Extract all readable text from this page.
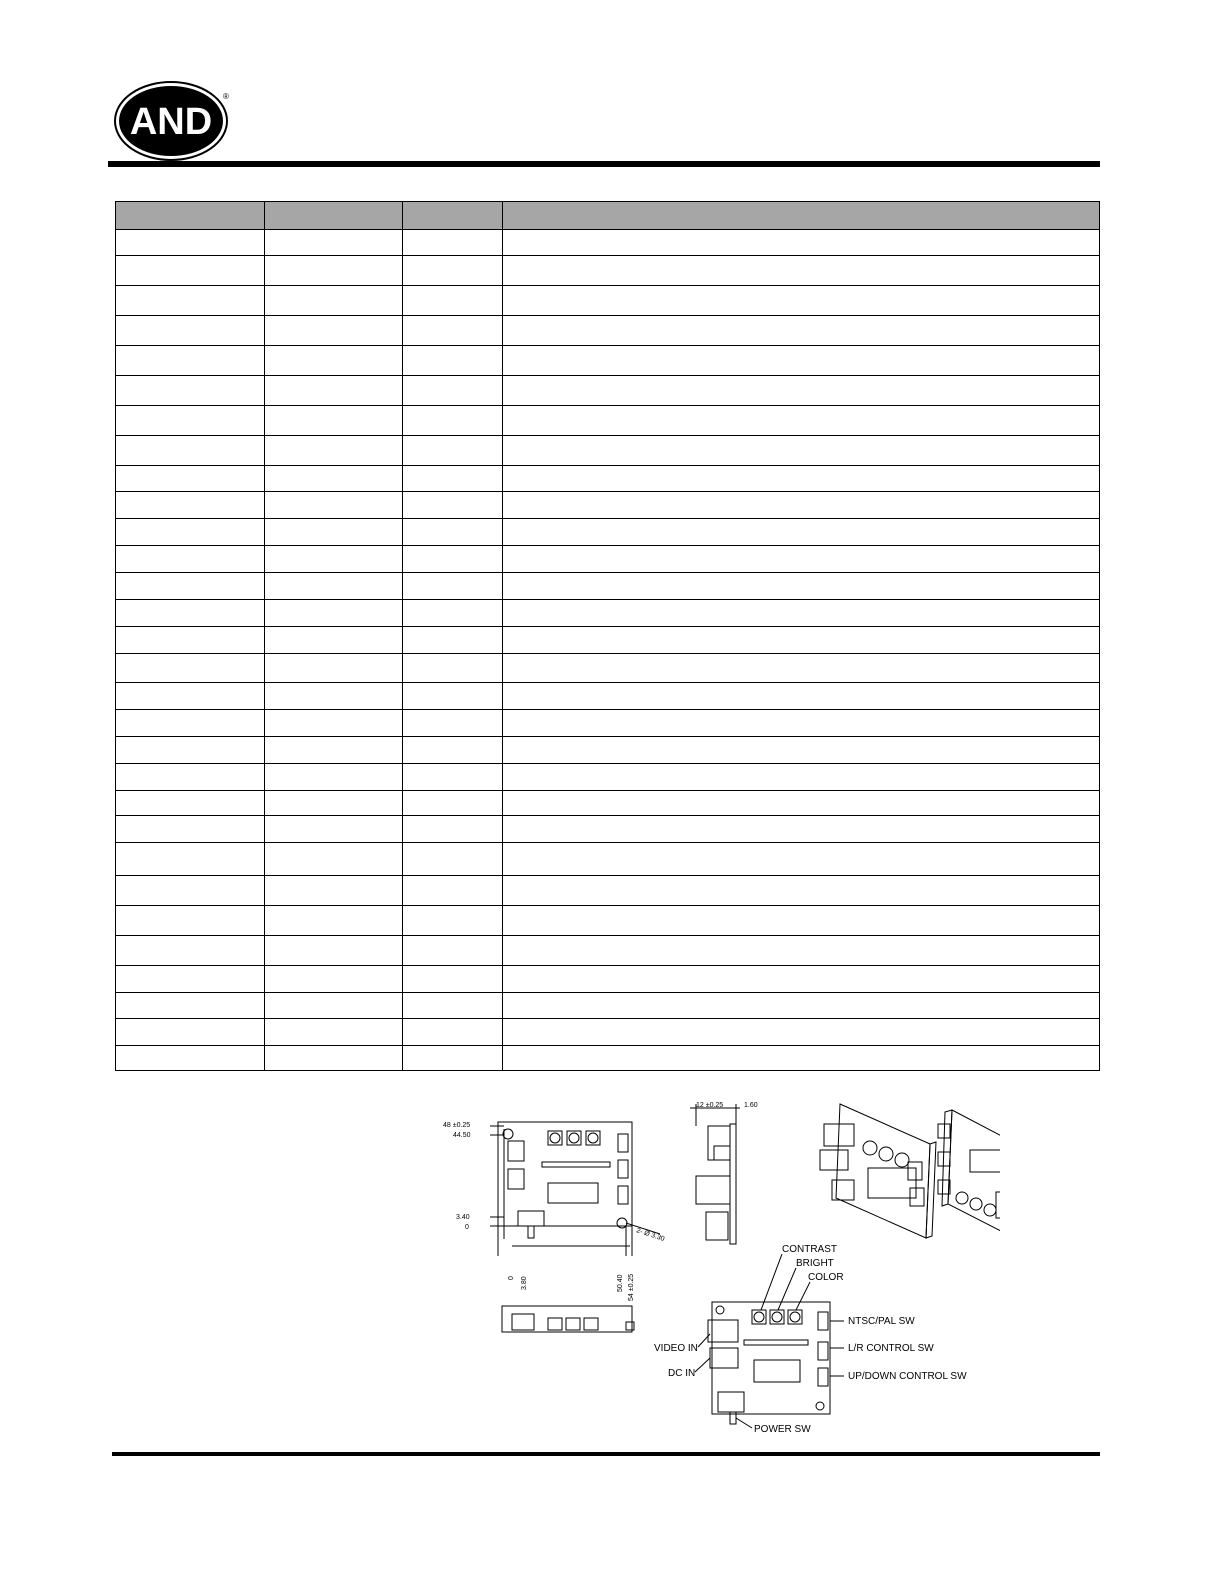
AND
®
48 ±0.25
44.50
3.40
0
0 3.80	50.40 54 ±0.25
2- Ø 3.30
12 ±0.25	1.60
CONTRAST
BRIGHT
COLOR
NTSC/PAL SW
L/R CONTROL SW
UP/DOWN CONTROL SW
VIDEO IN
DC IN
POWER SW
